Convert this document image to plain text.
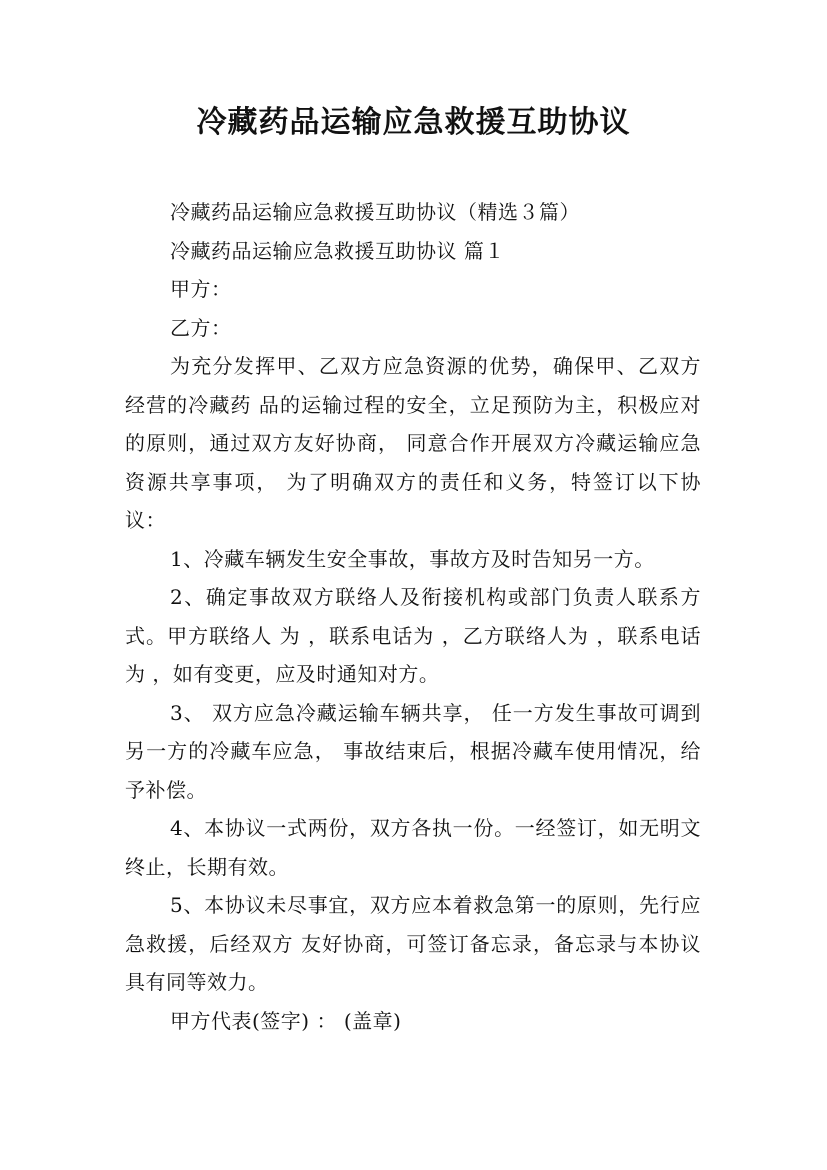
冷藏药品运输应急救援互助协议
冷藏药品运输应急救援互助协议（精选３篇）
冷藏药品运输应急救援互助协议 篇１
甲方：
乙方：
为充分发挥甲、乙双方应急资源的优势，确保甲、乙双方经营的冷藏药 品的运输过程的安全，立足预防为主，积极应对的原则，通过双方友好协商， 同意合作开展双方冷藏运输应急资源共享事项， 为了明确双方的责任和义务，特签订以下协议：
1、冷藏车辆发生安全事故，事故方及时告知另一方。
2、确定事故双方联络人及衔接机构或部门负责人联系方式。甲方联络人 为 ，联系电话为 ，乙方联络人为 ，联系电话为 ，如有变更，应及时通知对方。
3、 双方应急冷藏运输车辆共享， 任一方发生事故可调到另一方的冷藏车应急， 事故结束后，根据冷藏车使用情况，给予补偿。
4、本协议一式两份，双方各执一份。一经签订，如无明文终止，长期有效。
5、本协议未尽事宜，双方应本着救急第一的原则，先行应急救援，后经双方 友好协商，可签订备忘录，备忘录与本协议具有同等效力。
甲方代表(签字) ： (盖章)
